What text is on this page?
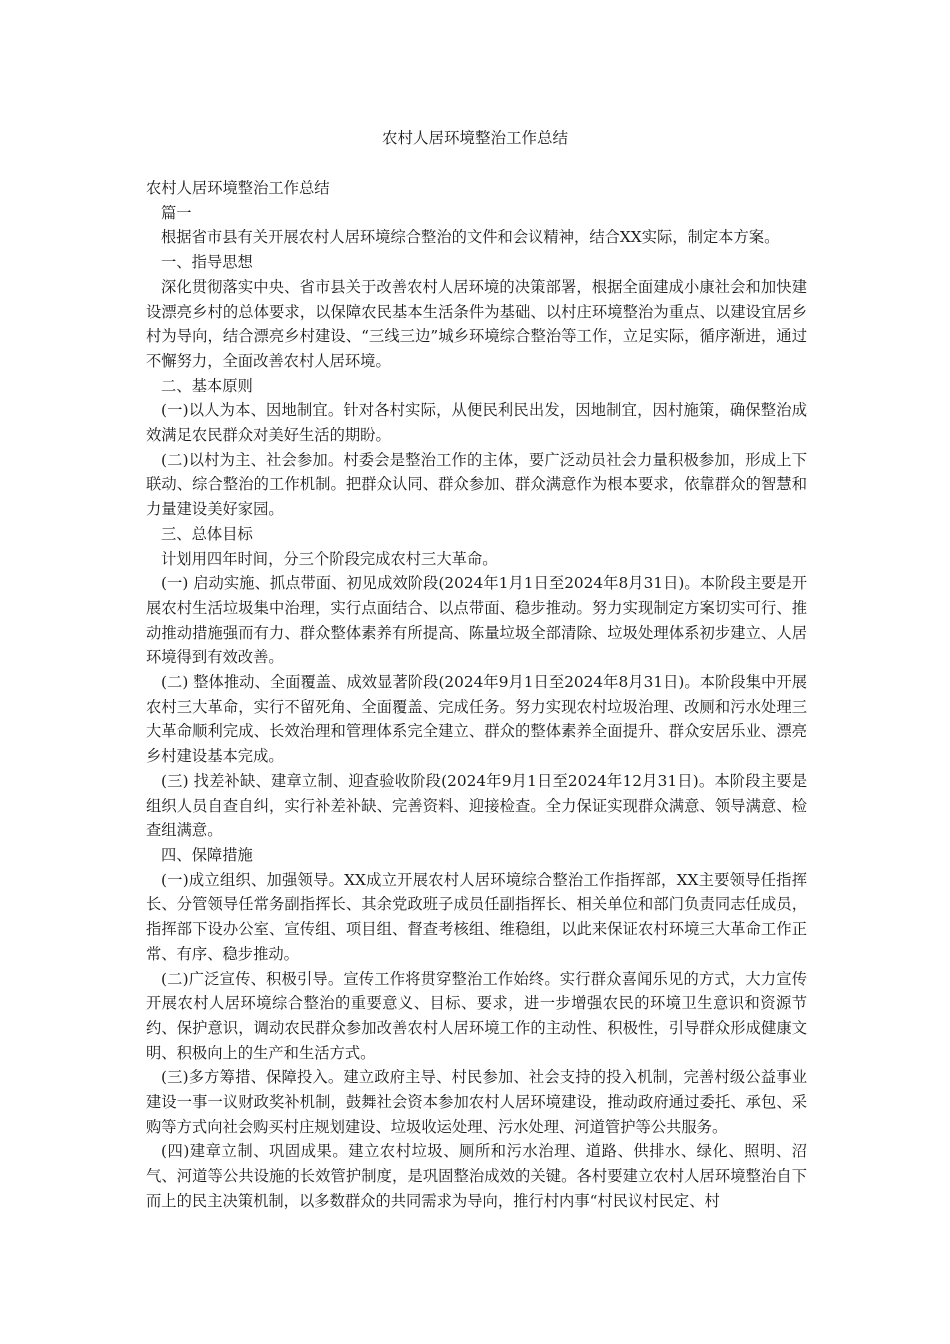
农村人居环境整治工作总结

农村人居环境整治工作总结

篇一

根据省市县有关开展农村人居环境综合整治的文件和会议精神，结合XX实际，制定本方案。

一、指导思想

深化贯彻落实中央、省市县关于改善农村人居环境的决策部署，根据全面建成小康社会和加快建设漂亮乡村的总体要求，以保障农民基本生活条件为基础、以村庄环境整治为重点、以建设宜居乡村为导向，结合漂亮乡村建设、“三线三边”城乡环境综合整治等工作，立足实际，循序渐进，通过不懈努力，全面改善农村人居环境。

二、基本原则

(一)以人为本、因地制宜。针对各村实际，从便民利民出发，因地制宜，因村施策，确保整治成效满足农民群众对美好生活的期盼。

(二)以村为主、社会参加。村委会是整治工作的主体，要广泛动员社会力量积极参加，形成上下联动、综合整治的工作机制。把群众认同、群众参加、群众满意作为根本要求，依靠群众的智慧和力量建设美好家园。

三、总体目标

计划用四年时间，分三个阶段完成农村三大革命。

(一) 启动实施、抓点带面、初见成效阶段(2024年1月1日至2024年8月31日)。本阶段主要是开展农村生活垃圾集中治理，实行点面结合、以点带面、稳步推动。努力实现制定方案切实可行、推动推动措施强而有力、群众整体素养有所提高、陈量垃圾全部清除、垃圾处理体系初步建立、人居环境得到有效改善。

(二) 整体推动、全面覆盖、成效显著阶段(2024年9月1日至2024年8月31日)。本阶段集中开展农村三大革命，实行不留死角、全面覆盖、完成任务。努力实现农村垃圾治理、改厕和污水处理三大革命顺利完成、长效治理和管理体系完全建立、群众的整体素养全面提升、群众安居乐业、漂亮乡村建设基本完成。

(三) 找差补缺、建章立制、迎查验收阶段(2024年9月1日至2024年12月31日)。本阶段主要是组织人员自查自纠，实行补差补缺、完善资料、迎接检查。全力保证实现群众满意、领导满意、检查组满意。

四、保障措施

(一)成立组织、加强领导。XX成立开展农村人居环境综合整治工作指挥部，XX主要领导任指挥长、分管领导任常务副指挥长、其余党政班子成员任副指挥长、相关单位和部门负责同志任成员，指挥部下设办公室、宣传组、项目组、督查考核组、维稳组，以此来保证农村环境三大革命工作正常、有序、稳步推动。

(二)广泛宣传、积极引导。宣传工作将贯穿整治工作始终。实行群众喜闻乐见的方式，大力宣传开展农村人居环境综合整治的重要意义、目标、要求，进一步增强农民的环境卫生意识和资源节约、保护意识，调动农民群众参加改善农村人居环境工作的主动性、积极性，引导群众形成健康文明、积极向上的生产和生活方式。

(三)多方筹措、保障投入。建立政府主导、村民参加、社会支持的投入机制，完善村级公益事业建设一事一议财政奖补机制，鼓舞社会资本参加农村人居环境建设，推动政府通过委托、承包、采购等方式向社会购买村庄规划建设、垃圾收运处理、污水处理、河道管护等公共服务。

(四)建章立制、巩固成果。建立农村垃圾、厕所和污水治理、道路、供排水、绿化、照明、沼气、河道等公共设施的长效管护制度，是巩固整治成效的关键。各村要建立农村人居环境整治自下而上的民主决策机制，以多数群众的共同需求为导向，推行村内事“村民议村民定、村
